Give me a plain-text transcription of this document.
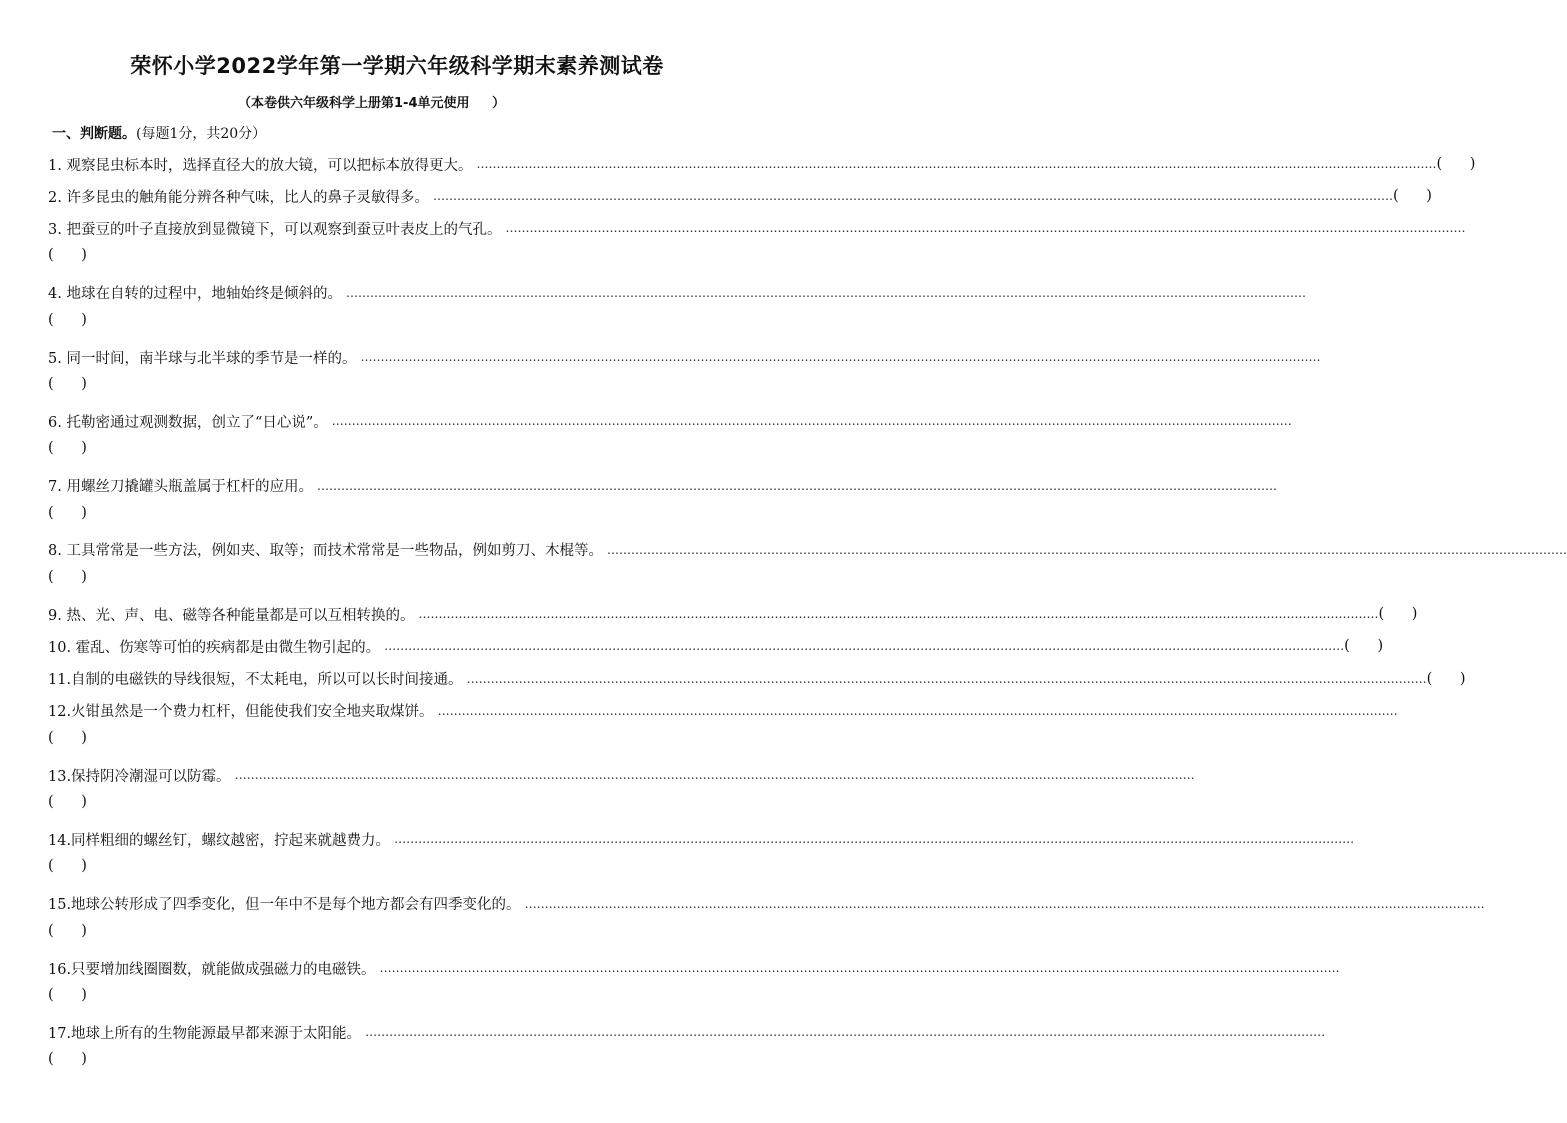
荣怀小学2022学年第一学期六年级科学期末素养测试卷
（本卷供六年级科学上册第1-4单元使用     ）
一、判断题。(每题1分，共20分）
1. 观察昆虫标本时，选择直径大的放大镜，可以把标本放得更大。 …………………………………………………………………………………………………………………………………………………………………………………………………………………… (      )
2. 许多昆虫的触角能分辨各种气味，比人的鼻子灵敏得多。 …………………………………………………………………………………………………………………………………………………………………………………………………………………… (      )
3. 把蚕豆的叶子直接放到显微镜下，可以观察到蚕豆叶表皮上的气孔。 ……………………………………………………………………………………………………………………………………………………………………………………………………………………
(      )
4. 地球在自转的过程中，地轴始终是倾斜的。 ……………………………………………………………………………………………………………………………………………………………………………………………………………………
(      )
5. 同一时间，南半球与北半球的季节是一样的。 ……………………………………………………………………………………………………………………………………………………………………………………………………………………
(      )
6. 托勒密通过观测数据，创立了“日心说”。 ……………………………………………………………………………………………………………………………………………………………………………………………………………………
(      )
7. 用螺丝刀撬罐头瓶盖属于杠杆的应用。 ……………………………………………………………………………………………………………………………………………………………………………………………………………………
(      )
8. 工具常常是一些方法，例如夹、取等；而技术常常是一些物品，例如剪刀、木棍等。 ……………………………………………………………………………………………………………………………………………………………………………………………………………………
(      )
9. 热、光、声、电、磁等各种能量都是可以互相转换的。 …………………………………………………………………………………………………………………………………………………………………………………………………………………… (      )
10. 霍乱、伤寒等可怕的疾病都是由微生物引起的。 …………………………………………………………………………………………………………………………………………………………………………………………………………………… (      )
11.自制的电磁铁的导线很短，不太耗电，所以可以长时间接通。 …………………………………………………………………………………………………………………………………………………………………………………………………………………… (      )
12.火钳虽然是一个费力杠杆，但能使我们安全地夹取煤饼。 ……………………………………………………………………………………………………………………………………………………………………………………………………………………
(      )
13.保持阴冷潮湿可以防霉。 ……………………………………………………………………………………………………………………………………………………………………………………………………………………
(      )
14.同样粗细的螺丝钉，螺纹越密，拧起来就越费力。 ……………………………………………………………………………………………………………………………………………………………………………………………………………………
(      )
15.地球公转形成了四季变化，但一年中不是每个地方都会有四季变化的。 ……………………………………………………………………………………………………………………………………………………………………………………………………………………
(      )
16.只要增加线圈圈数，就能做成强磁力的电磁铁。 ……………………………………………………………………………………………………………………………………………………………………………………………………………………
(      )
17.地球上所有的生物能源最早都来源于太阳能。 ……………………………………………………………………………………………………………………………………………………………………………………………………………………
(      )
